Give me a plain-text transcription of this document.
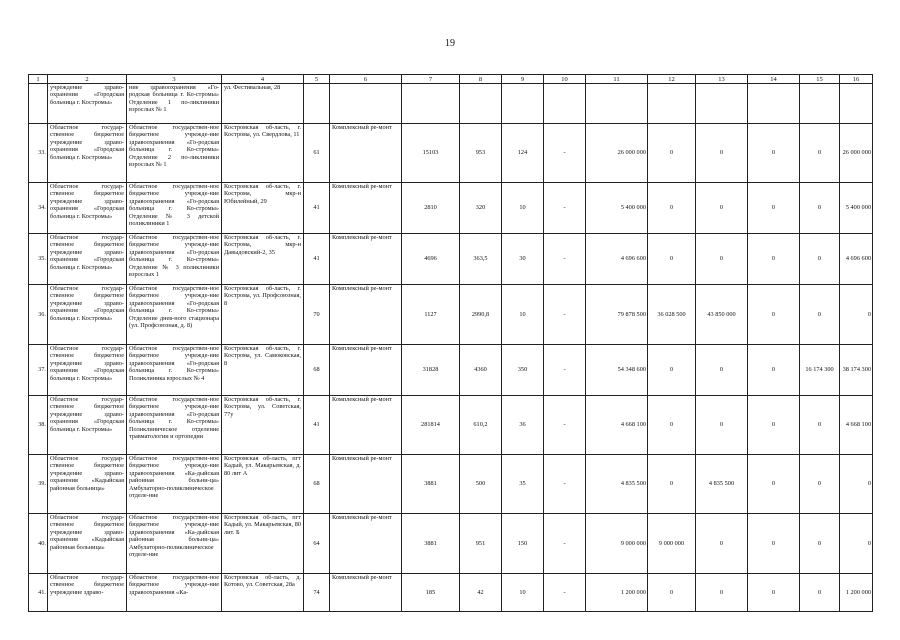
19
1	2	3	4	5	6	7	8	9	10	11	12	13	14	15	16
	учреждение здраво-охранения «Городская больница г. Костромы»	ние здравоохранения «Го-родская больница г. Ко-стромы» Отделение 1 по-ликлиники взрослых № 1	ул. Фестивальная, 28												
33.	Областное государ-ственное бюджетное учреждение здраво-охранения «Городская больница г. Костромы»	Областное государствен-ное бюджетное учрежде-ние здравоохранения «Го-родская больница г. Ко-стромы» Отделение 2 по-ликлиники взрослых № 1	Костромская об-ласть, г. Кострома, ул. Свердлова, 11	61	Комплексный ре-монт	15103	953	124	-	26 000 000	0	0	0	0	26 000 000
34.	Областное государ-ственное бюджетное учреждение здраво-охранения «Городская больница г. Костромы»	Областное государствен-ное бюджетное учрежде-ние здравоохранения «Го-родская больница г. Ко-стромы» Отделение № 3 детской поликлиники 1	Костромская об-ласть, г. Кострома, мкр-н Юбилейный, 29	41	Комплексный ре-монт	2810	320	10	-	5 400 000	0	0	0	0	5 400 000
35.	Областное государ-ственное бюджетное учреждение здраво-охранения «Городская больница г. Костромы»	Областное государствен-ное бюджетное учрежде-ние здравоохранения «Го-родская больница г. Ко-стромы» Отделение № 3 поликлиники взрослых 1	Костромская об-ласть, г. Кострома, мкр-н Давыдовский-2, 35	41	Комплексный ре-монт	4696	363,5	30	-	4 696 600	0	0	0	0	4 696 600
36.	Областное государ-ственное бюджетное учреждение здраво-охранения «Городская больница г. Костромы»	Областное государствен-ное бюджетное учрежде-ние здравоохранения «Го-родская больница г. Ко-стромы» Отделение днев-ного стационара (ул. Профсоюзная, д. 8)	Костромская об-ласть, г. Кострома, ул. Профсоюзная, 8	70	Комплексный ре-монт	1127	2990,8	10	-	79 878 500	36 028 500	43 850 000	0	0	0
37.	Областное государ-ственное бюджетное учреждение здраво-охранения «Городская больница г. Костромы»	Областное государствен-ное бюджетное учрежде-ние здравоохранения «Го-родская больница г. Ко-стромы» Поликлиника взрослых № 4	Костромская об-ласть, г. Кострома, ул. Самоковская, 8	68	Комплексный ре-монт	31828	4360	350	-	54 348 600	0	0	0	16 174 300	38 174 300
38.	Областное государ-ственное бюджетное учреждение здраво-охранения «Городская больница г. Костромы»	Областное государствен-ное бюджетное учрежде-ние здравоохранения «Го-родская больница г. Ко-стромы» Поликлиническое отделение травматологии и ортопедии	Костромская об-ласть, г. Кострома, ул. Советская, 77у	41	Комплексный ре-монт	281814	610,2	36	-	4 668 100	0	0	0	0	4 668 100
39.	Областное государ-ственное бюджетное учреждение здраво-охранения «Кадыйская районная больница»	Областное государствен-ное бюджетное учрежде-ние здравоохранения «Ка-дыйская районная больни-ца» Амбулаторно-поликлиническое отделе-ние	Костромская об-ласть, пгт Кадый, ул. Макарьевская, д. 80 лит А	68	Комплексный ре-монт	3881	500	35	-	4 835 500	0	4 835 500	0	0	0
40.	Областное государ-ственное бюджетное учреждение здраво-охранения «Кадыйская районная больница»	Областное государствен-ное бюджетное учрежде-ние здравоохранения «Ка-дыйская районная больни-ца» Амбулаторно-поликлиническое отделе-ние	Костромская об-ласть, пгт Кадый, ул. Макарьевская, 80 лит. Б	64	Комплексный ре-монт	3881	951	150	-	9 000 000	9 000 000	0	0	0	0
41.	Областное государ-ственное бюджетное учреждение здраво-	Областное государствен-ное бюджетное учрежде-ние здравоохранения «Ка-	Костромская об-ласть, д. Котово, ул. Советская, 28а	74	Комплексный ре-монт	185	42	10	-	1 200 000	0	0	0	0	1 200 000
